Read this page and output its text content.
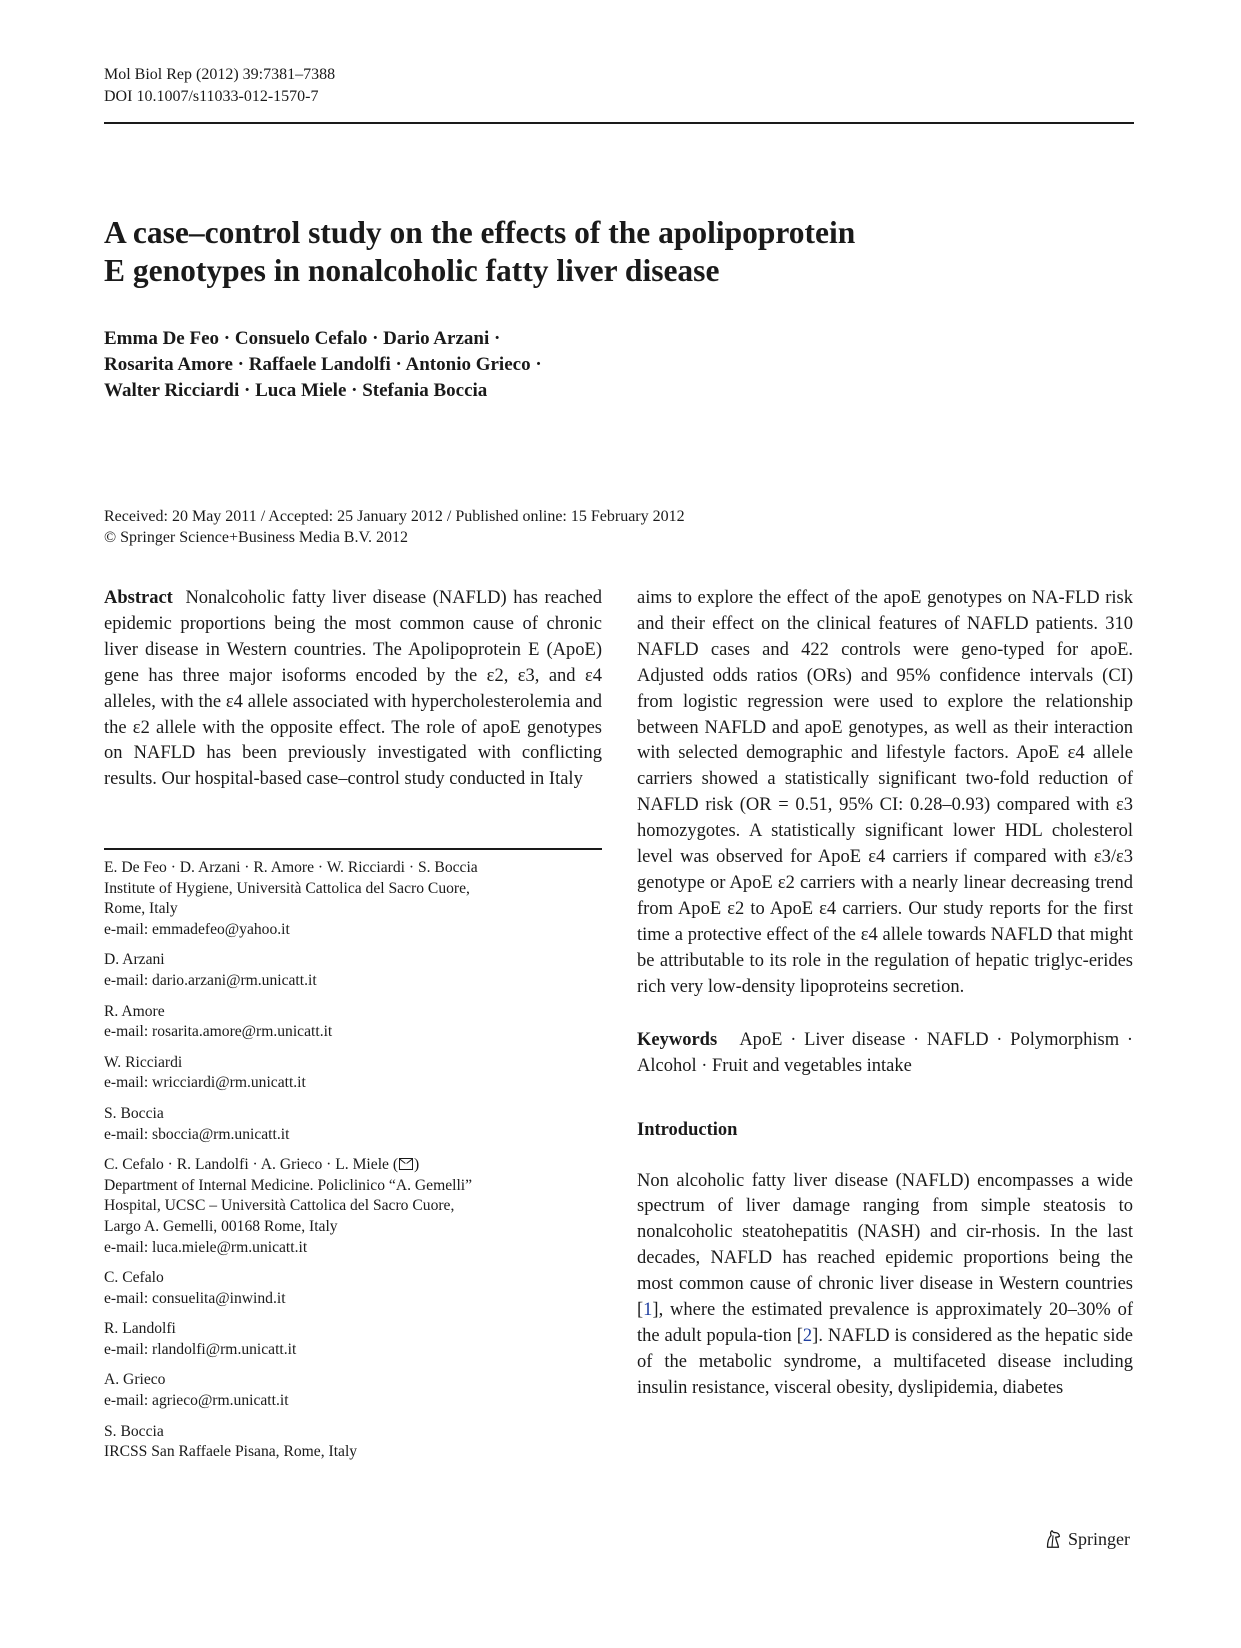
Mol Biol Rep (2012) 39:7381–7388
DOI 10.1007/s11033-012-1570-7
A case–control study on the effects of the apolipoprotein
E genotypes in nonalcoholic fatty liver disease
Emma De Feo · Consuelo Cefalo · Dario Arzani ·
Rosarita Amore · Raffaele Landolfi · Antonio Grieco ·
Walter Ricciardi · Luca Miele · Stefania Boccia
Received: 20 May 2011 / Accepted: 25 January 2012 / Published online: 15 February 2012
© Springer Science+Business Media B.V. 2012

Abstract Nonalcoholic fatty liver disease (NAFLD) has reached epidemic proportions being the most common cause of chronic liver disease in Western countries. The Apolipoprotein E (ApoE) gene has three major isoforms encoded by the ε2, ε3, and ε4 alleles, with the ε4 allele associated with hypercholesterolemia and the ε2 allele with the opposite effect. The role of apoE genotypes on NAFLD has been previously investigated with conflicting results. Our hospital-based case–control study conducted in Italy

E. De Feo · D. Arzani · R. Amore · W. Ricciardi · S. Boccia
Institute of Hygiene, Università Cattolica del Sacro Cuore,
Rome, Italy
e-mail: emmadefeo@yahoo.it
D. Arzani
e-mail: dario.arzani@rm.unicatt.it
R. Amore
e-mail: rosarita.amore@rm.unicatt.it
W. Ricciardi
e-mail: wricciardi@rm.unicatt.it
S. Boccia
e-mail: sboccia@rm.unicatt.it
C. Cefalo · R. Landolfi · A. Grieco · L. Miele ( )
Department of Internal Medicine. Policlinico “A. Gemelli”
Hospital, UCSC – Università Cattolica del Sacro Cuore,
Largo A. Gemelli, 00168 Rome, Italy
e-mail: luca.miele@rm.unicatt.it
C. Cefalo
e-mail: consuelita@inwind.it
R. Landolfi
e-mail: rlandolfi@rm.unicatt.it
A. Grieco
e-mail: agrieco@rm.unicatt.it
S. Boccia
IRCSS San Raffaele Pisana, Rome, Italy

aims to explore the effect of the apoE genotypes on NA-FLD risk and their effect on the clinical features of NAFLD patients. 310 NAFLD cases and 422 controls were geno-typed for apoE. Adjusted odds ratios (ORs) and 95% confidence intervals (CI) from logistic regression were used to explore the relationship between NAFLD and apoE genotypes, as well as their interaction with selected demographic and lifestyle factors. ApoE ε4 allele carriers showed a statistically significant two-fold reduction of NAFLD risk (OR = 0.51, 95% CI: 0.28–0.93) compared with ε3 homozygotes. A statistically significant lower HDL cholesterol level was observed for ApoE ε4 carriers if compared with ε3/ε3 genotype or ApoE ε2 carriers with a nearly linear decreasing trend from ApoE ε2 to ApoE ε4 carriers. Our study reports for the first time a protective effect of the ε4 allele towards NAFLD that might be attributable to its role in the regulation of hepatic triglyc-erides rich very low-density lipoproteins secretion.

Keywords ApoE · Liver disease · NAFLD · Polymorphism · Alcohol · Fruit and vegetables intake

Introduction

Non alcoholic fatty liver disease (NAFLD) encompasses a wide spectrum of liver damage ranging from simple steatosis to nonalcoholic steatohepatitis (NASH) and cir-rhosis. In the last decades, NAFLD has reached epidemic proportions being the most common cause of chronic liver disease in Western countries [1], where the estimated prevalence is approximately 20–30% of the adult popula-tion [2]. NAFLD is considered as the hepatic side of the metabolic syndrome, a multifaceted disease including insulin resistance, visceral obesity, dyslipidemia, diabetes

Springer
